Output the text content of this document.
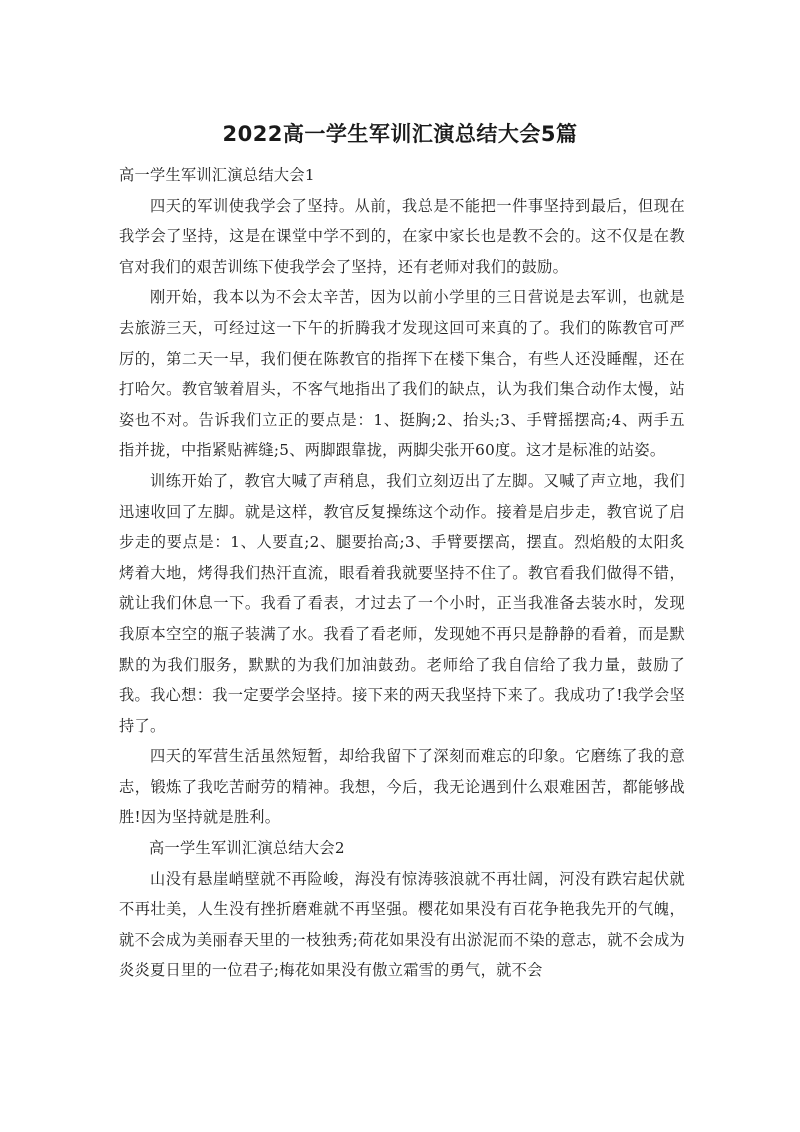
2022高一学生军训汇演总结大会5篇
高一学生军训汇演总结大会1

四天的军训使我学会了坚持。从前，我总是不能把一件事坚持到最后，但现在我学会了坚持，这是在课堂中学不到的，在家中家长也是教不会的。这不仅是在教官对我们的艰苦训练下使我学会了坚持，还有老师对我们的鼓励。

刚开始，我本以为不会太辛苦，因为以前小学里的三日营说是去军训，也就是去旅游三天，可经过这一下午的折腾我才发现这回可来真的了。我们的陈教官可严厉的，第二天一早，我们便在陈教官的指挥下在楼下集合，有些人还没睡醒，还在打哈欠。教官皱着眉头，不客气地指出了我们的缺点，认为我们集合动作太慢，站姿也不对。告诉我们立正的要点是：1、挺胸;2、抬头;3、手臂摇摆高;4、两手五指并拢，中指紧贴裤缝;5、两脚跟靠拢，两脚尖张开60度。这才是标准的站姿。

训练开始了，教官大喊了声稍息，我们立刻迈出了左脚。又喊了声立地，我们迅速收回了左脚。就是这样，教官反复操练这个动作。接着是启步走，教官说了启步走的要点是：1、人要直;2、腿要抬高;3、手臂要摆高，摆直。烈焰般的太阳炙烤着大地，烤得我们热汗直流，眼看着我就要坚持不住了。教官看我们做得不错，就让我们休息一下。我看了看表，才过去了一个小时，正当我准备去装水时，发现我原本空空的瓶子装满了水。我看了看老师，发现她不再只是静静的看着，而是默默的为我们服务，默默的为我们加油鼓劲。老师给了我自信给了我力量，鼓励了我。我心想：我一定要学会坚持。接下来的两天我坚持下来了。我成功了!我学会坚持了。

四天的军营生活虽然短暂，却给我留下了深刻而难忘的印象。它磨练了我的意志，锻炼了我吃苦耐劳的精神。我想，今后，我无论遇到什么艰难困苦，都能够战胜!因为坚持就是胜利。

高一学生军训汇演总结大会2

山没有悬崖峭壁就不再险峻，海没有惊涛骇浪就不再壮阔，河没有跌宕起伏就不再壮美，人生没有挫折磨难就不再坚强。樱花如果没有百花争艳我先开的气魄，就不会成为美丽春天里的一枝独秀;荷花如果没有出淤泥而不染的意志，就不会成为炎炎夏日里的一位君子;梅花如果没有傲立霜雪的勇气，就不会
